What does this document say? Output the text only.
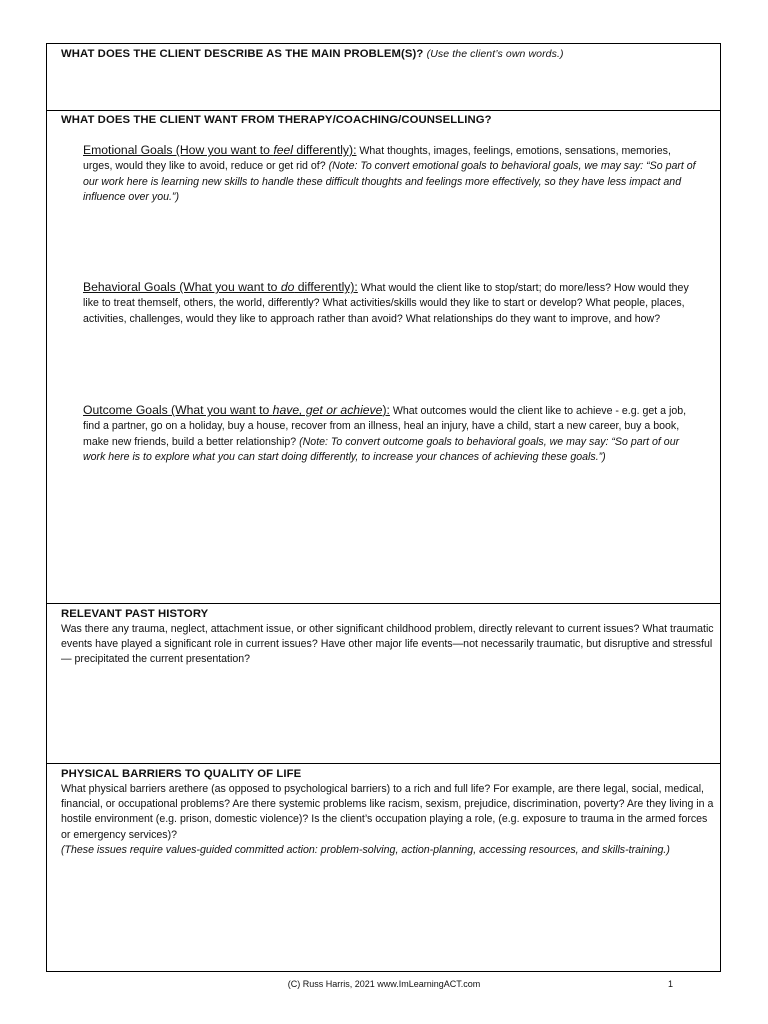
WHAT DOES THE CLIENT DESCRIBE AS THE MAIN PROBLEM(S)? (Use the client’s own words.)
WHAT DOES THE CLIENT WANT FROM THERAPY/COACHING/COUNSELLING?
Emotional Goals (How you want to feel differently): What thoughts, images, feelings, emotions, sensations, memories, urges, would they like to avoid, reduce or get rid of? (Note: To convert emotional goals to behavioral goals, we may say: “So part of our work here is learning new skills to handle these difficult thoughts and feelings more effectively, so they have less impact and influence over you.”)
Behavioral Goals (What you want to do differently): What would the client like to stop/start; do more/less? How would they like to treat themself, others, the world, differently? What activities/skills would they like to start or develop? What people, places, activities, challenges, would they like to approach rather than avoid? What relationships do they want to improve, and how?
Outcome Goals (What you want to have, get or achieve): What outcomes would the client like to achieve - e.g. get a job, find a partner, go on a holiday, buy a house, recover from an illness, heal an injury, have a child, start a new career, buy a book, make new friends, build a better relationship? (Note: To convert outcome goals to behavioral goals, we may say: “So part of our work here is to explore what you can start doing differently, to increase your chances of achieving these goals.”)
RELEVANT PAST HISTORY
Was there any trauma, neglect, attachment issue, or other significant childhood problem, directly relevant to current issues? What traumatic events have played a significant role in current issues? Have other major life events—not necessarily traumatic, but disruptive and stressful— precipitated the current presentation?
PHYSICAL BARRIERS TO QUALITY OF LIFE
What physical barriers arethere (as opposed to psychological barriers) to a rich and full life? For example, are there legal, social, medical, financial, or occupational problems? Are there systemic problems like racism, sexism, prejudice, discrimination, poverty? Are they living in a hostile environment (e.g. prison, domestic violence)? Is the client’s occupation playing a role, (e.g. exposure to trauma in the armed forces or emergency services)?
(These issues require values-guided committed action: problem-solving, action-planning, accessing resources, and skills-training.)
(C) Russ Harris, 2021 www.ImLearningACT.com	1
